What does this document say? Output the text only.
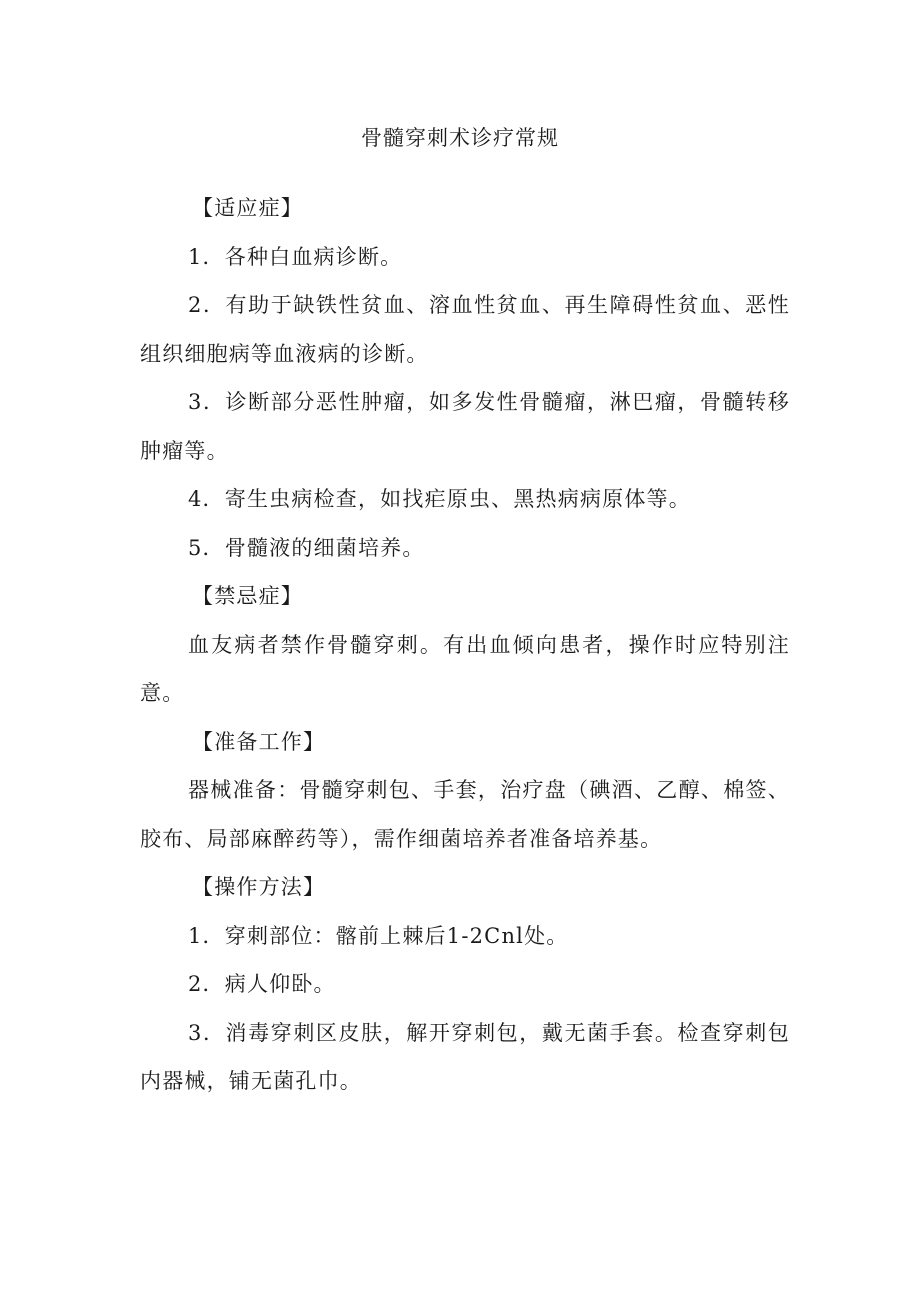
骨髓穿刺术诊疗常规

【适应症】

1．各种白血病诊断。

2．有助于缺铁性贫血、溶血性贫血、再生障碍性贫血、恶性组织细胞病等血液病的诊断。

3．诊断部分恶性肿瘤，如多发性骨髓瘤，淋巴瘤，骨髓转移肿瘤等。

4．寄生虫病检查，如找疟原虫、黑热病病原体等。

5．骨髓液的细菌培养。

【禁忌症】

血友病者禁作骨髓穿刺。有出血倾向患者，操作时应特别注意。

【准备工作】

器械准备：骨髓穿刺包、手套，治疗盘（碘酒、乙醇、棉签、胶布、局部麻醉药等），需作细菌培养者准备培养基。

【操作方法】

1．穿刺部位：髂前上棘后1-2Cnl处。

2．病人仰卧。

3．消毒穿刺区皮肤，解开穿刺包，戴无菌手套。检查穿刺包内器械，铺无菌孔巾。
